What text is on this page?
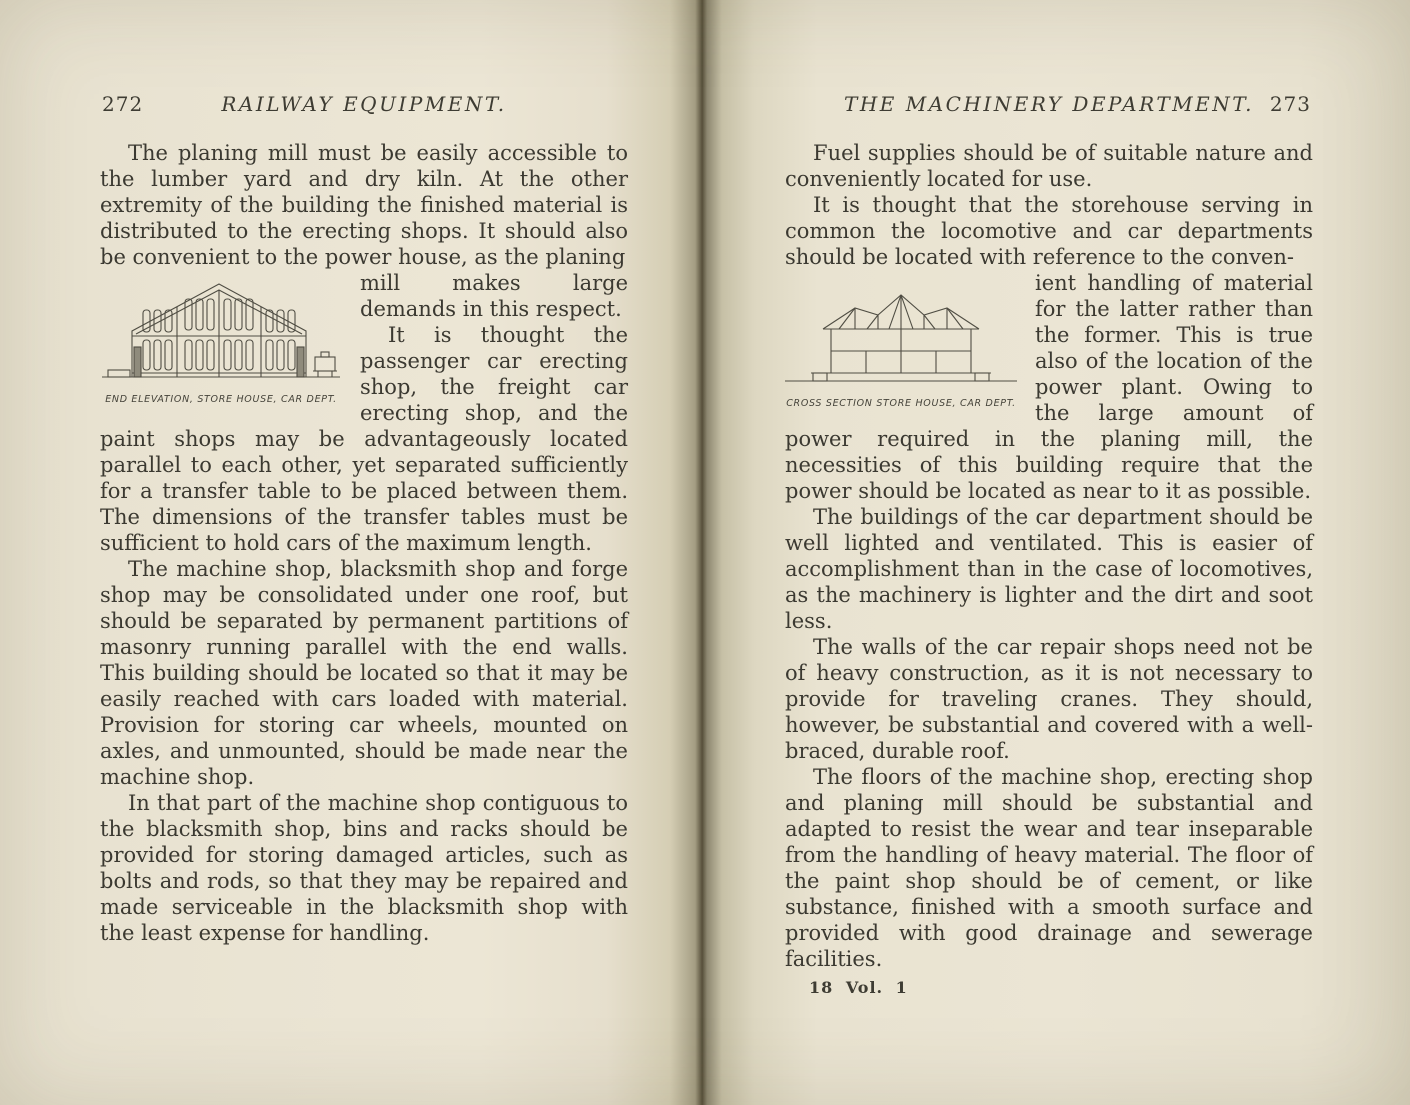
272	RAILWAY EQUIPMENT.

The planing mill must be easily accessible to the lumber yard and dry kiln. At the other extremity of the building the finished material is distributed to the erecting shops. It should also be convenient to the power house, as the planing

END ELEVATION, STORE HOUSE, CAR DEPT.

mill makes large demands in this respect.

It is thought the passenger car erecting shop, the freight car erecting shop, and the paint shops may be advantageously located parallel to each other, yet separated sufficiently for a transfer table to be placed between them. The dimensions of the transfer tables must be sufficient to hold cars of the maximum length.

The machine shop, blacksmith shop and forge shop may be consolidated under one roof, but should be separated by permanent partitions of masonry running parallel with the end walls. This building should be located so that it may be easily reached with cars loaded with material. Provision for storing car wheels, mounted on axles, and unmounted, should be made near the machine shop.

In that part of the machine shop contiguous to the blacksmith shop, bins and racks should be provided for storing damaged articles, such as bolts and rods, so that they may be repaired and made serviceable in the blacksmith shop with the least expense for handling.

THE MACHINERY DEPARTMENT. 273

Fuel supplies should be of suitable nature and conveniently located for use.

It is thought that the storehouse serving in common the locomotive and car departments should be located with reference to the conven-

CROSS SECTION STORE HOUSE, CAR DEPT.

ient handling of material for the latter rather than the former. This is true also of the location of the power plant. Owing to the large amount of power required in the planing mill, the necessities of this building require that the power should be located as near to it as possible.

The buildings of the car department should be well lighted and ventilated. This is easier of accomplishment than in the case of locomotives, as the machinery is lighter and the dirt and soot less.

The walls of the car repair shops need not be of heavy construction, as it is not necessary to provide for traveling cranes. They should, however, be substantial and covered with a well-braced, durable roof.

The floors of the machine shop, erecting shop and planing mill should be substantial and adapted to resist the wear and tear inseparable from the handling of heavy material. The floor of the paint shop should be of cement, or like substance, finished with a smooth surface and provided with good drainage and sewerage facilities.

18 Vol. 1
